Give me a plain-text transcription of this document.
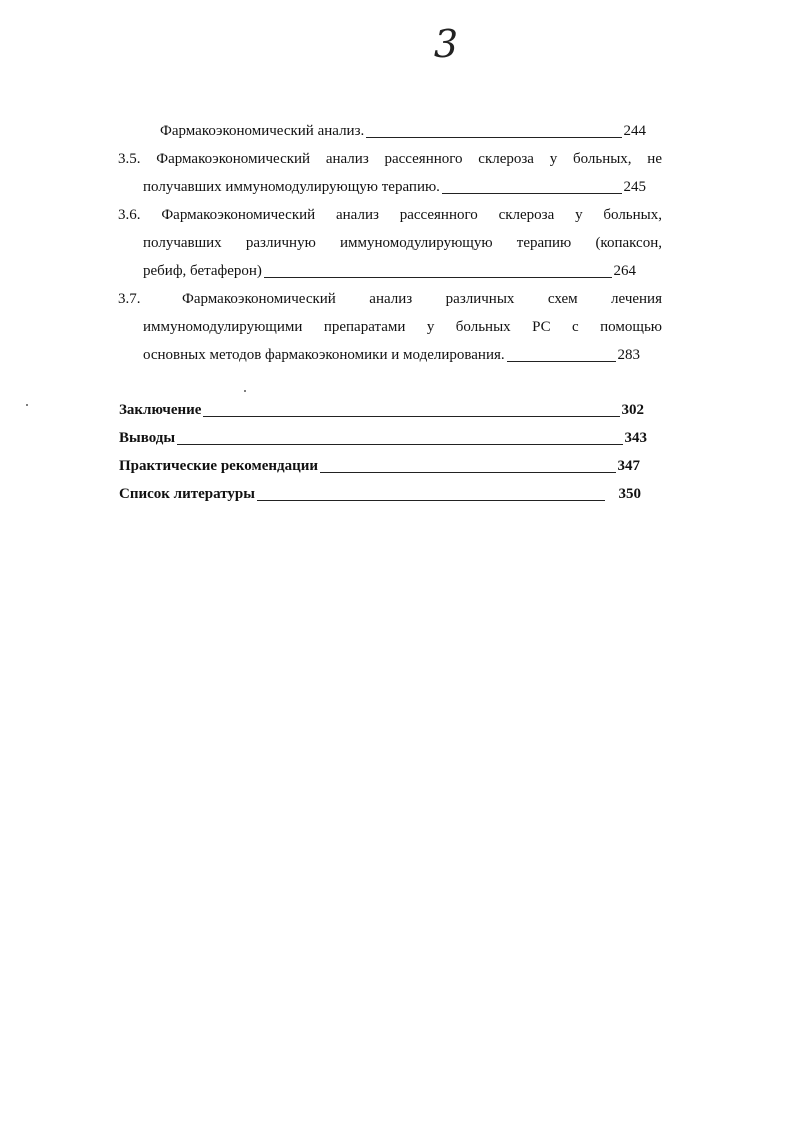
3
Фармакоэкономический анализ.	244
3.5. Фармакоэкономический анализ рассеянного склероза у больных, не
получавших иммуномодулирующую терапию.	245
3.6. Фармакоэкономический анализ рассеянного склероза у больных,
получавших различную иммуномодулирующую терапию (копаксон,
ребиф, бетаферон)	264
3.7.	Фармакоэкономический анализ различных схем лечения
иммуномодулирующими препаратами у больных РС с помощью
основных методов фармакоэкономики и моделирования.	283
Заключение	302
Выводы	343
Практические рекомендации	347
Список литературы	350
